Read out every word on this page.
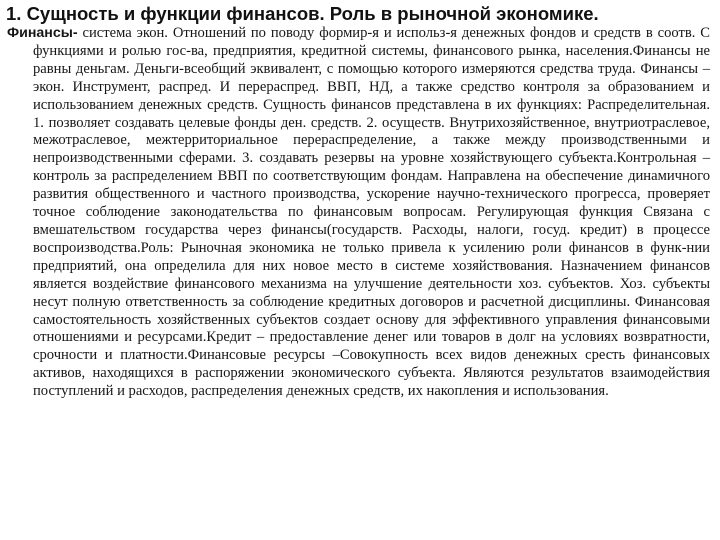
1. Сущность и функции финансов. Роль в рыночной экономике.

Финансы- система экон. Отношений по поводу формир-я и использ-я денежных фондов и средств в соотв. С функциями и ролью гос-ва, предприятия, кредитной системы, финансового рынка, населения.Финансы не равны деньгам. Деньги-всеобщий эквивалент, с помощью которого измеряются средства труда. Финансы – экон. Инструмент, распред. И перераспред. ВВП, НД, а также средство контроля за образованием и использованием денежных средств. Сущность финансов представлена в их функциях: Распределительная. 1. позволяет создавать целевые фонды ден. средств. 2. осуществ. Внутрихозяйственное, внутриотраслевое, межотраслевое, межтерриториальное перераспределение, а также между производственными и непроизводственными сферами. 3. создавать резервы на уровне хозяйствующего субъекта.Контрольная – контроль за распределением ВВП по соответствующим фондам. Направлена на обеспечение динамичного развития общественного и частного производства, ускорение научно-технического прогресса, проверяет точное соблюдение законодательства по финансовым вопросам. Регулирующая функция Связана с вмешательством государства через финансы(государств. Расходы, налоги, госуд. кредит) в процессе воспроизводства.Роль: Рыночная экономика не только привела к усилению роли финансов в функ-нии предприятий, она определила для них новое место в системе хозяйствования. Назначением финансов является воздействие финансового механизма на улучшение деятельности хоз. субъектов. Хоз. субъекты несут полную ответственность за соблюдение кредитных договоров и расчетной дисциплины. Финансовая самостоятельность хозяйственных субъектов создает основу для эффективного управления финансовыми отношениями и ресурсами.Кредит – предоставление денег или товаров в долг на условиях возвратности, срочности и платности.Финансовые ресурсы –Совокупность всех видов денежных сресть финансовых активов, находящихся в распоряжении экономического субъекта. Являются результатов взаимодействия поступлений и расходов, распределения денежных средств, их накопления и использования.
